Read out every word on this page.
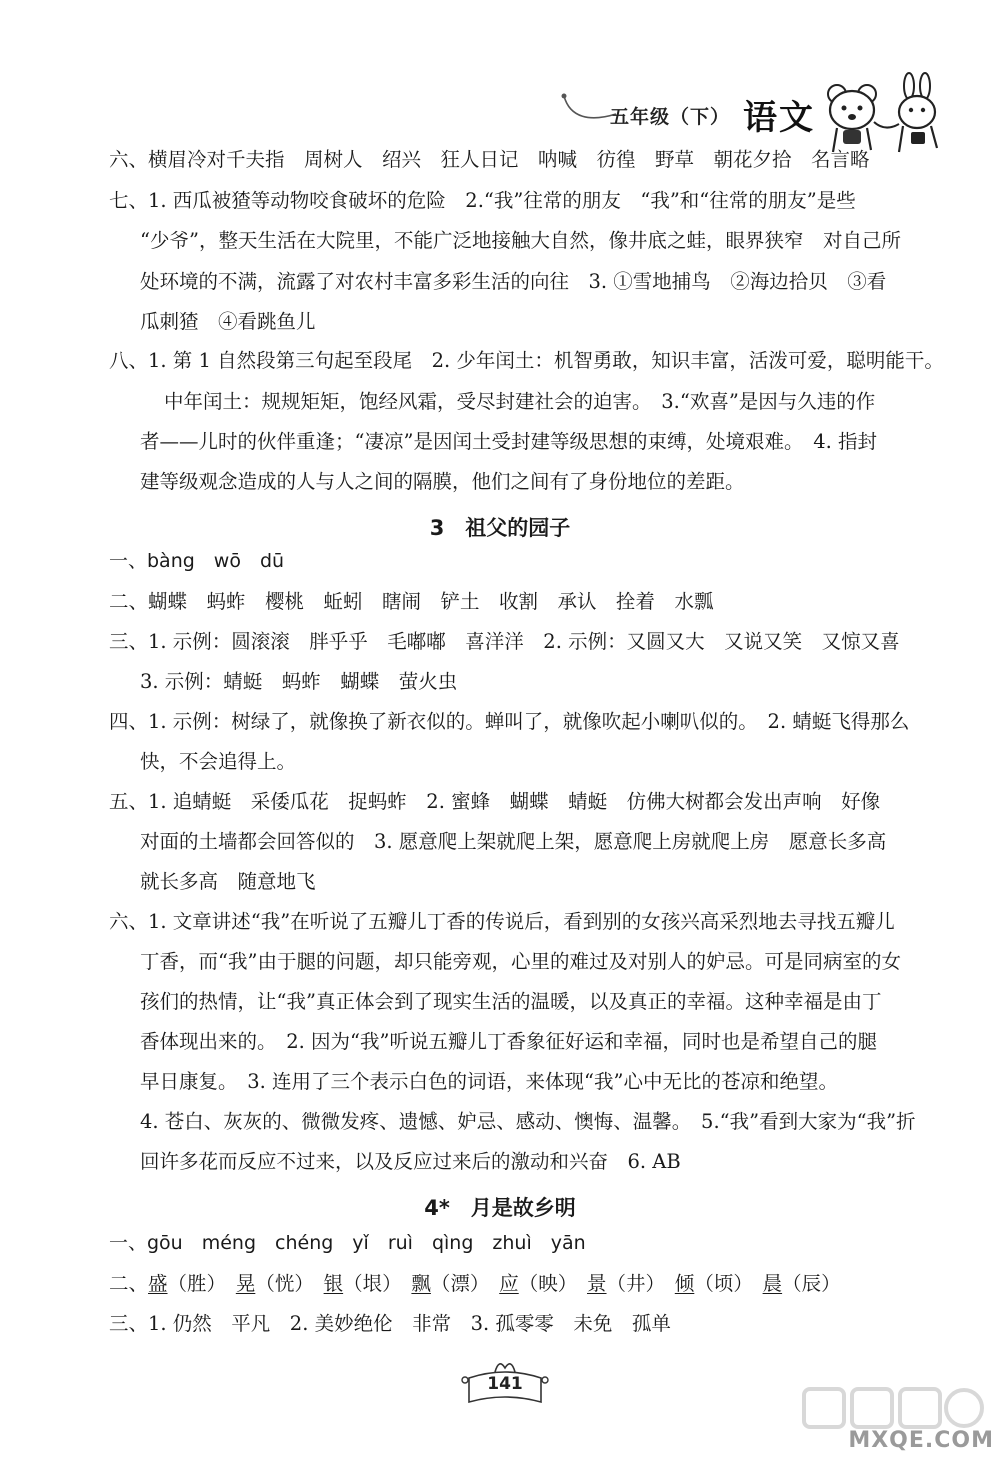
五年级（下） 语文
六、横眉冷对千夫指　周树人　绍兴　狂人日记　呐喊　彷徨　野草　朝花夕拾　名言略
七、1. 西瓜被猹等动物咬食破坏的危险　2.“我”往常的朋友　“我”和“往常的朋友”是些
“少爷”，整天生活在大院里，不能广泛地接触大自然，像井底之蛙，眼界狭窄　对自己所
处环境的不满，流露了对农村丰富多彩生活的向往　3. ①雪地捕鸟　②海边拾贝　③看
瓜刺猹　④看跳鱼儿
八、1. 第 1 自然段第三句起至段尾　2. 少年闰土：机智勇敢，知识丰富，活泼可爱，聪明能干。
中年闰土：规规矩矩，饱经风霜，受尽封建社会的迫害。　3.“欢喜”是因与久违的作
者——儿时的伙伴重逢；“凄凉”是因闰土受封建等级思想的束缚，处境艰难。　4. 指封
建等级观念造成的人与人之间的隔膜，他们之间有了身份地位的差距。
3　祖父的园子
一、bàng　wō　dū
二、蝴蝶　蚂蚱　樱桃　蚯蚓　瞎闹　铲土　收割　承认　拴着　水瓢
三、1. 示例：圆滚滚　胖乎乎　毛嘟嘟　喜洋洋　2. 示例：又圆又大　又说又笑　又惊又喜
3. 示例：蜻蜓　蚂蚱　蝴蝶　萤火虫
四、1. 示例：树绿了，就像换了新衣似的。蝉叫了，就像吹起小喇叭似的。　2. 蜻蜓飞得那么
快，不会追得上。
五、1. 追蜻蜓　采倭瓜花　捉蚂蚱　2. 蜜蜂　蝴蝶　蜻蜓　仿佛大树都会发出声响　好像
对面的土墙都会回答似的　3. 愿意爬上架就爬上架，愿意爬上房就爬上房　愿意长多高
就长多高　随意地飞
六、1. 文章讲述“我”在听说了五瓣儿丁香的传说后，看到别的女孩兴高采烈地去寻找五瓣儿
丁香，而“我”由于腿的问题，却只能旁观，心里的难过及对别人的妒忌。可是同病室的女
孩们的热情，让“我”真正体会到了现实生活的温暖，以及真正的幸福。这种幸福是由丁
香体现出来的。　2. 因为“我”听说五瓣儿丁香象征好运和幸福，同时也是希望自己的腿
早日康复。　3. 连用了三个表示白色的词语，来体现“我”心中无比的苍凉和绝望。
4. 苍白、灰灰的、微微发疼、遗憾、妒忌、感动、懊悔、温馨。　5.“我”看到大家为“我”折
回许多花而反应不过来，以及反应过来后的激动和兴奋　6. AB
4*　月是故乡明
一、gōu　méng　chéng　yǐ　ruì　qìng　zhuì　yān
二、盛（胜）　 晃（恍）　 银（垠）　 飘（漂）　 应（映）　 景（井）　 倾（顷）　 晨（辰）
三、1. 仍然　平凡　2. 美妙绝伦　非常　3. 孤零零　未免　孤单
141
MXQE.COM
